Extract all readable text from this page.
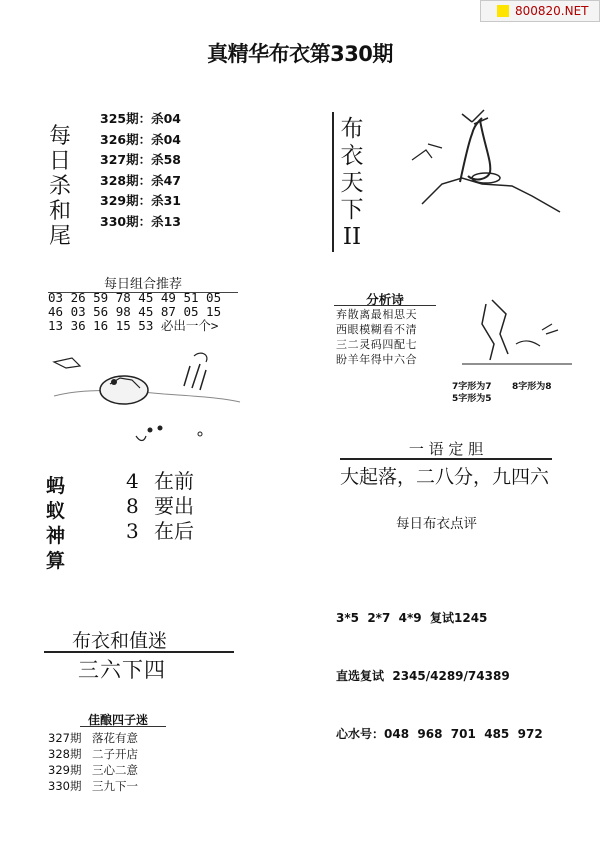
800820.NET
真精华布衣第330期
每
日
杀
和
尾
325期：杀04
326期：杀04
327期：杀58
328期：杀47
329期：杀31
330期：杀13
布
衣
天
下
II
每日组合推荐
03 26 59 78 45 49 51 05
46 03 56 98 45 87 05 15
13 36 16 15 53 必出一个>
分析诗
弃散离最相思天
西眼模糊看不清
三二灵码四配七
盼羊年得中六合
7字形为7 8字形为8
5字形为5
一 语 定 胆
大起落，二八分，九四六
每日布衣点评
蚂
蚁
神
算
4 在前
8 要出
3 在后

3*5  2*7  4*9  复试1245

直选复试  2345/4289/74389

心水号：048  968  701  485  972

布衣和值迷
三六下四
佳酿四子迷
327期 落花有意
328期 二子开店
329期 三心二意
330期 三九下一
